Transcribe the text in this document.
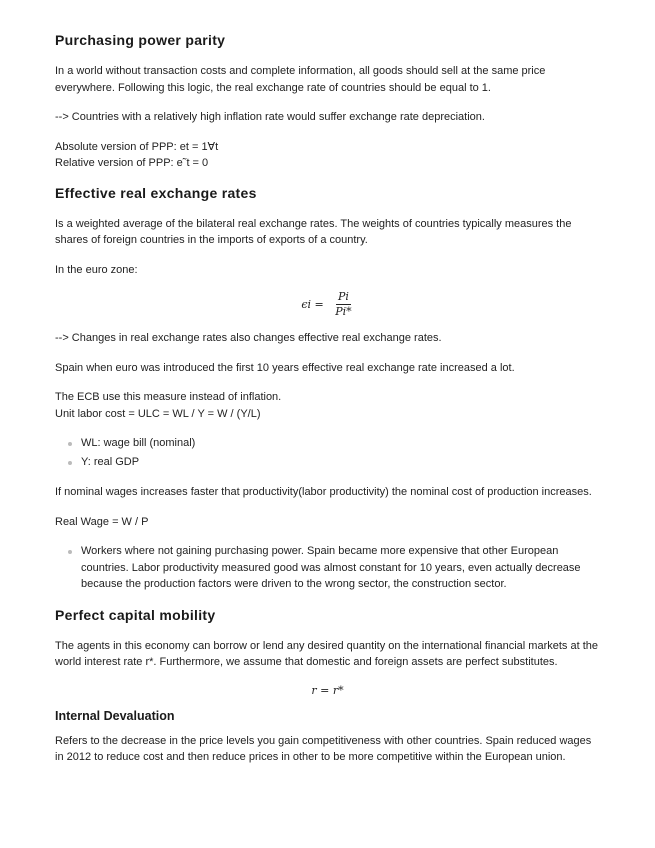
Purchasing power parity

In a world without transaction costs and complete information, all goods should sell at the same price everywhere. Following this logic, the real exchange rate of countries should be equal to 1.

--> Countries with a relatively high inflation rate would suffer exchange rate depreciation.

Absolute version of PPP: et = 1∀t

Relative version of PPP: e˜t = 0

Effective real exchange rates

Is a weighted average of the bilateral real exchange rates. The weights of countries typically measures the shares of foreign countries in the imports of exports of a country.

In the euro zone:

$\epsilon i = \frac{Pi}{Pi*}$

--> Changes in real exchange rates also changes effective real exchange rates.

Spain when euro was introduced the first 10 years effective real exchange rate increased a lot.

The ECB use this measure instead of inflation.

Unit labor cost = ULC = WL / Y = W / (Y/L)

WL: wage bill (nominal)
Y: real GDP

If nominal wages increases faster that productivity(labor productivity) the nominal cost of production increases.

Real Wage = W / P

Workers where not gaining purchasing power. Spain became more expensive that other European countries. Labor productivity measured good was almost constant for 10 years, even actually decrease because the production factors were driven to the wrong sector, the construction sector.
Perfect capital mobility

The agents in this economy can borrow or lend any desired quantity on the international financial markets at the world interest rate r*. Furthermore, we assume that domestic and foreign assets are perfect substitutes.

r = r*
Internal Devaluation

Refers to the decrease in the price levels you gain competitiveness with other countries. Spain reduced wages in 2012 to reduce cost and then reduce prices in other to be more competitive within the European union.
